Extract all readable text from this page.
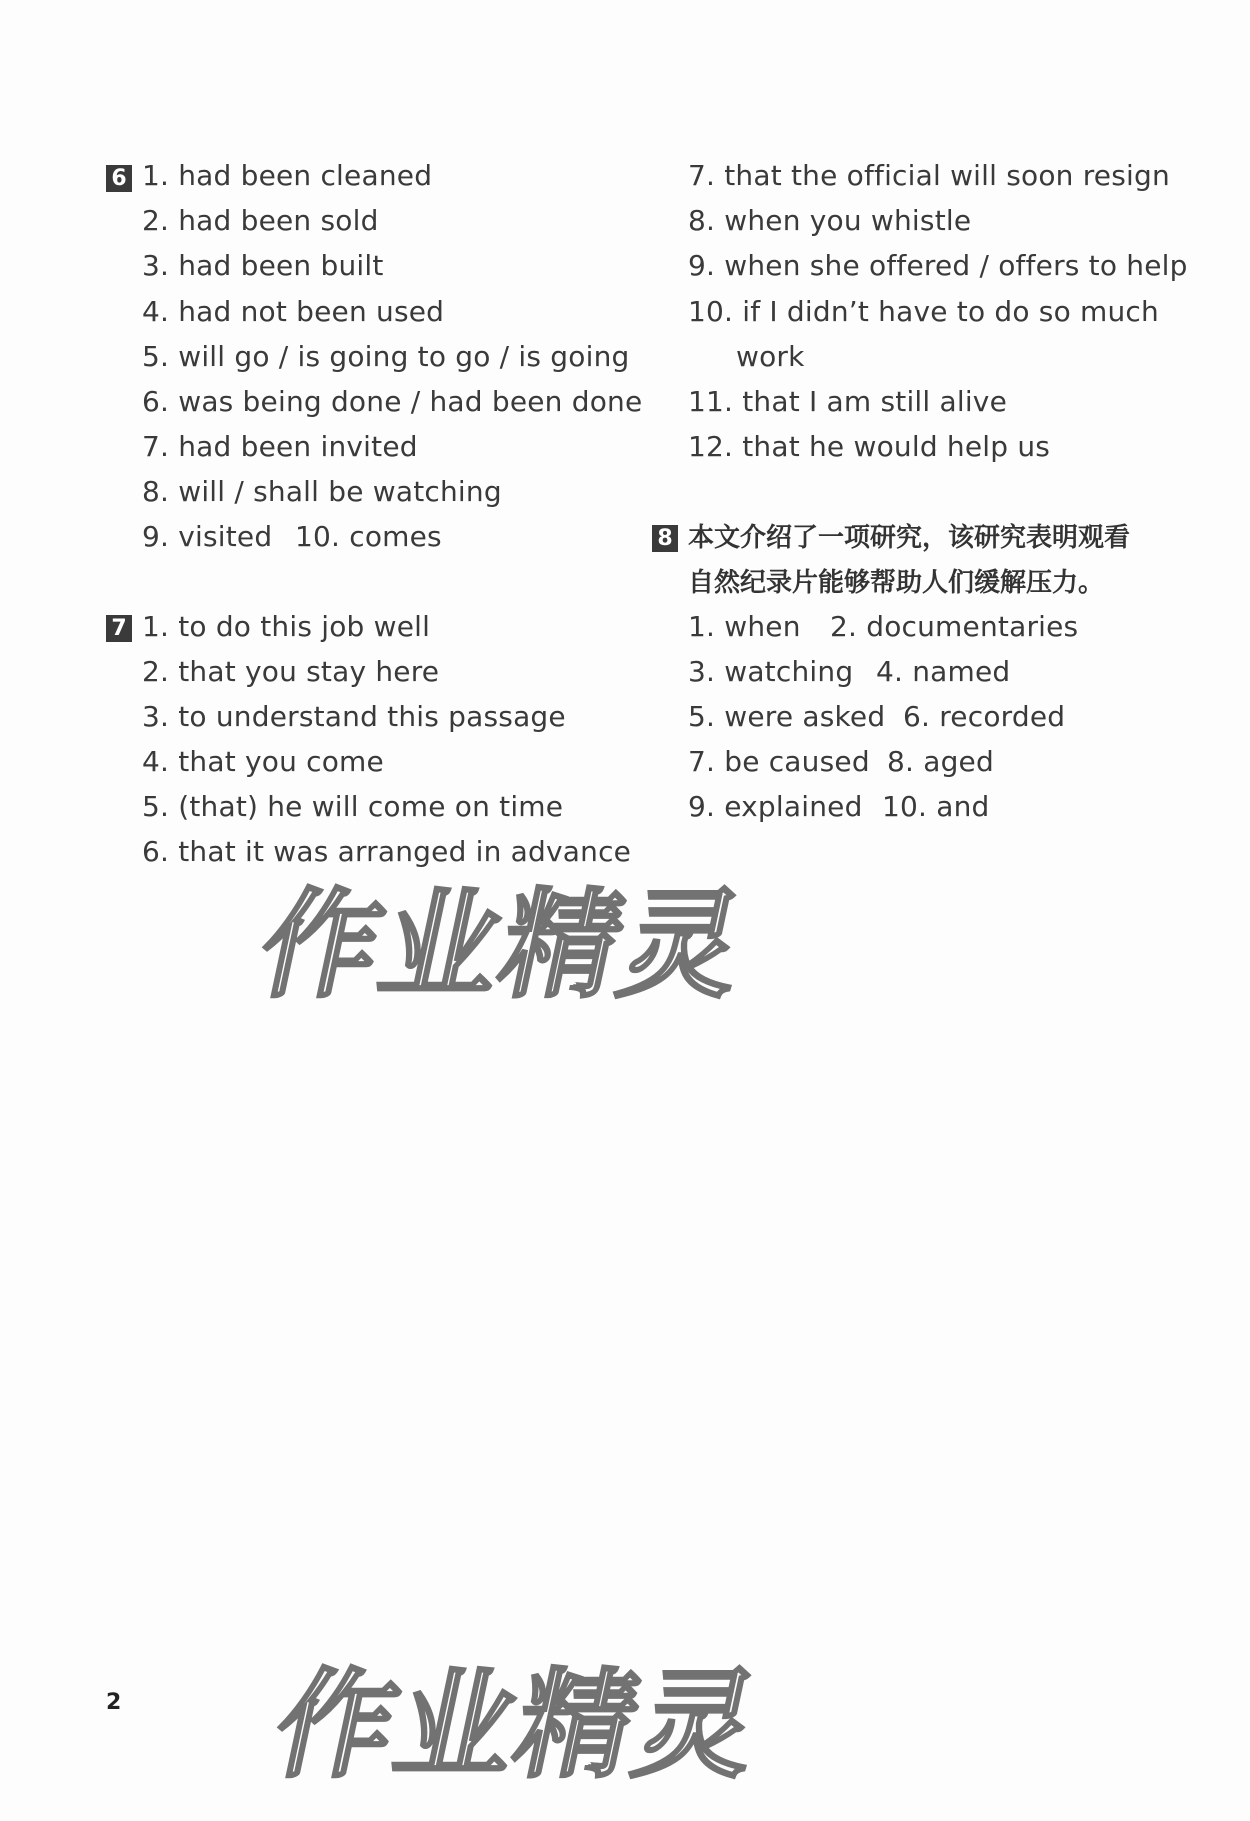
6 1. had been cleaned
2. had been sold
3. had been built
4. had not been used
5. will go / is going to go / is going
6. was being done / had been done
7. had been invited
8. will / shall be watching
9. visited 10. comes
7 1. to do this job well
2. that you stay here
3. to understand this passage
4. that you come
5. (that) he will come on time
6. that it was arranged in advance
7. that the official will soon resign
8. when you whistle
9. when she offered / offers to help
10. if I didn’t have to do so much
work
11. that I am still alive
12. that he would help us
8 本文介绍了一项研究，该研究表明观看
自然纪录片能够帮助人们缓解压力。
1. when 2. documentaries
3. watching 4. named
5. were asked 6. recorded
7. be caused 8. aged
9. explained 10. and
作业精灵
作业精灵
2
